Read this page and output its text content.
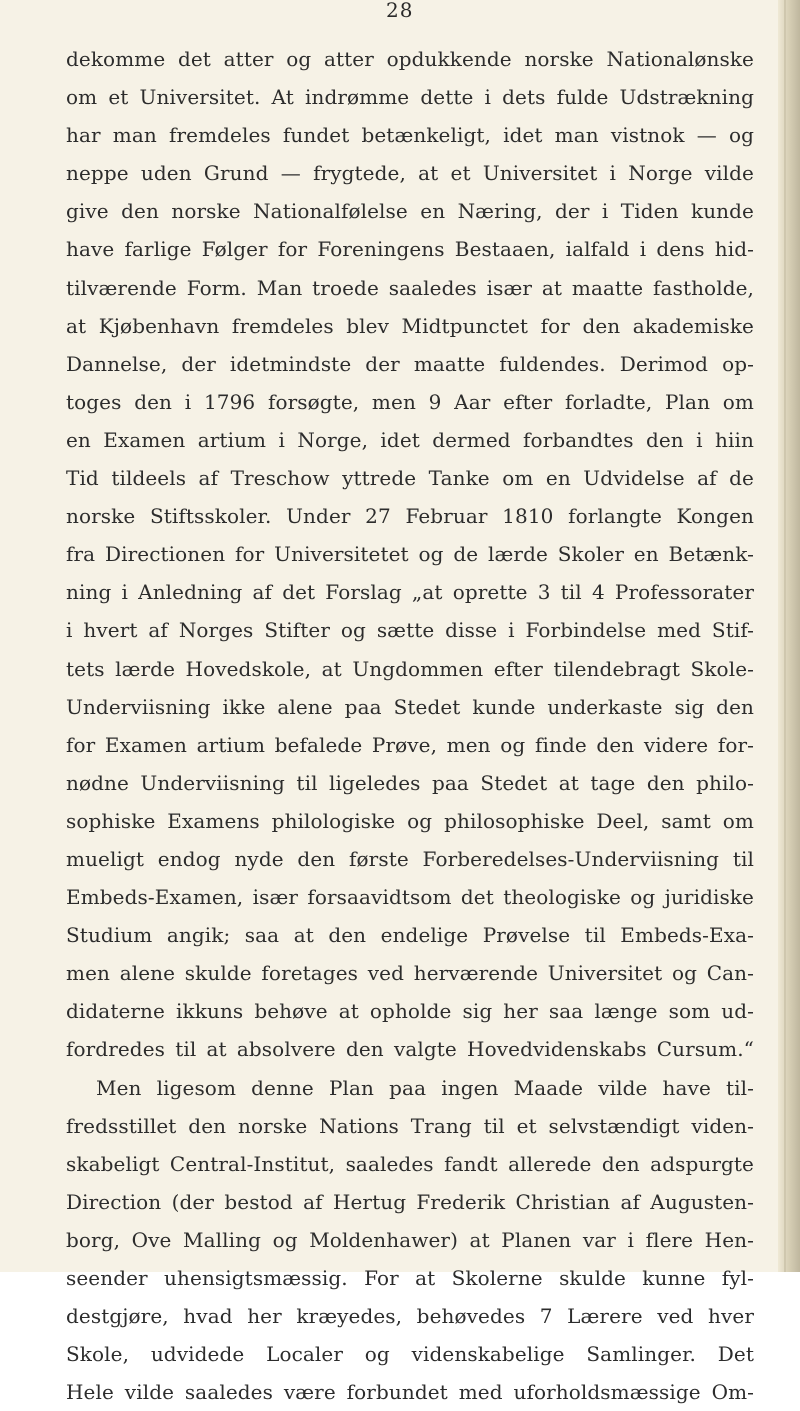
28
dekomme det atter og atter opdukkende norske Nationalønske
om et Universitet. At indrømme dette i dets fulde Udstrækning
har man fremdeles fundet betænkeligt, idet man vistnok — og
neppe uden Grund — frygtede, at et Universitet i Norge vilde
give den norske Nationalfølelse en Næring, der i Tiden kunde
have farlige Følger for Foreningens Bestaaen, ialfald i dens hid-
tilværende Form. Man troede saaledes især at maatte fastholde,
at Kjøbenhavn fremdeles blev Midtpunctet for den akademiske
Dannelse, der idetmindste der maatte fuldendes. Derimod op-
toges den i 1796 forsøgte, men 9 Aar efter forladte, Plan om
en Examen artium i Norge, idet dermed forbandtes den i hiin
Tid tildeels af Treschow yttrede Tanke om en Udvidelse af de
norske Stiftsskoler. Under 27 Februar 1810 forlangte Kongen
fra Directionen for Universitetet og de lærde Skoler en Betænk-
ning i Anledning af det Forslag „at oprette 3 til 4 Professorater
i hvert af Norges Stifter og sætte disse i Forbindelse med Stif-
tets lærde Hovedskole, at Ungdommen efter tilendebragt Skole-
Underviisning ikke alene paa Stedet kunde underkaste sig den
for Examen artium befalede Prøve, men og finde den videre for-
nødne Underviisning til ligeledes paa Stedet at tage den philo-
sophiske Examens philologiske og philosophiske Deel, samt om
mueligt endog nyde den første Forberedelses-Underviisning til
Embeds-Examen, især forsaavidtsom det theologiske og juridiske
Studium angik; saa at den endelige Prøvelse til Embeds-Exa-
men alene skulde foretages ved herværende Universitet og Can-
didaterne ikkuns behøve at opholde sig her saa længe som ud-
fordredes til at absolvere den valgte Hovedvidenskabs Cursum.“
Men ligesom denne Plan paa ingen Maade vilde have til-
fredsstillet den norske Nations Trang til et selvstændigt viden-
skabeligt Central-Institut, saaledes fandt allerede den adspurgte
Direction (der bestod af Hertug Frederik Christian af Augusten-
borg, Ove Malling og Moldenhawer) at Planen var i flere Hen-
seender uhensigtsmæssig. For at Skolerne skulde kunne fyl-
destgjøre, hvad her kræyedes, behøvedes 7 Lærere ved hver
Skole, udvidede Localer og videnskabelige Samlinger. Det
Hele vilde saaledes være forbundet med uforholdsmæssige Om-
